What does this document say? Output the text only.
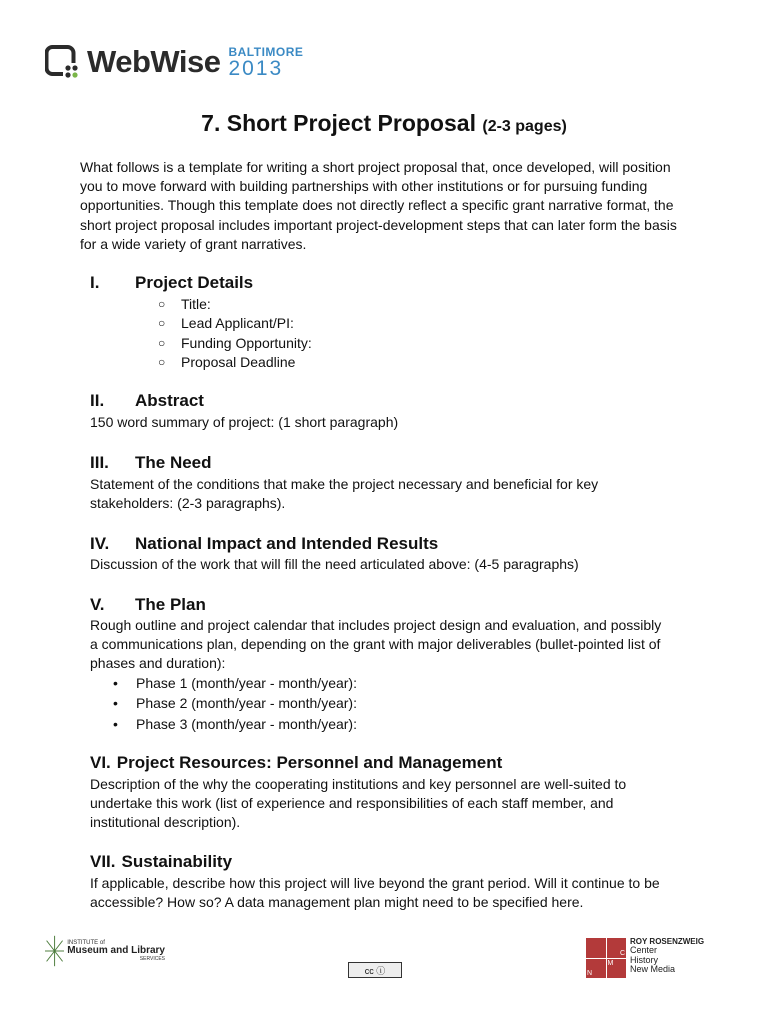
WebWise BALTIMORE
2013
7. Short Project Proposal (2-3 pages)
What follows is a template for writing a short project proposal that, once developed, will position you to move forward with building partnerships with other institutions or for pursuing funding opportunities. Though this template does not directly reflect a specific grant narrative format, the short project proposal includes important project-development steps that can later form the basis for a wide variety of grant narratives.
I.	Project Details
○	Title:
○	Lead Applicant/PI:
○	Funding Opportunity:
○	Proposal Deadline
II.	Abstract
150 word summary of project: (1 short paragraph)
III.	The Need
Statement of the conditions that make the project necessary and beneficial for key stakeholders: (2-3 paragraphs).
IV.	National Impact and Intended Results
Discussion of the work that will fill the need articulated above: (4-5 paragraphs)
V.	The Plan
Rough outline and project calendar that includes project design and evaluation, and possibly a communications plan, depending on the grant with major deliverables (bullet-pointed list of phases and duration):
•	Phase 1 (month/year - month/year):
•	Phase 2 (month/year - month/year):
•	Phase 3 (month/year - month/year):
VI. Project Resources: Personnel and Management
Description of the why the cooperating institutions and key personnel are well-suited to undertake this work (list of experience and responsibilities of each staff member, and institutional description).
VII. Sustainability
If applicable, describe how this project will live beyond the grant period. Will it continue to be accessible? How so? A data management plan might need to be specified here.
INSTITUTE of
Museum and Library
SERVICES
cc ⓘ
C
N
M
ROY ROSENZWEIG
Center
History
New Media
